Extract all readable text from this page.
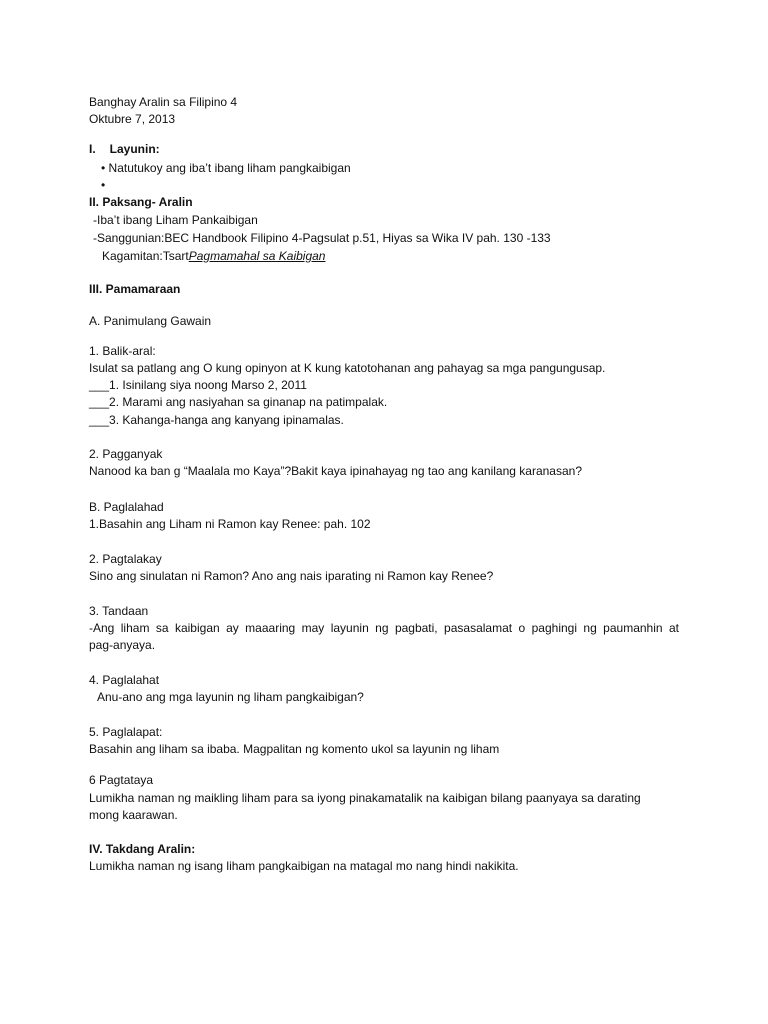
Banghay Aralin sa Filipino 4
Oktubre 7, 2013
I. Layunin:
• Natutukoy ang iba’t ibang liham pangkaibigan
•
II. Paksang- Aralin
-Iba’t ibang Liham Pankaibigan
-Sanggunian:BEC Handbook Filipino 4-Pagsulat p.51, Hiyas sa Wika IV pah. 130 -133
Kagamitan:TsartPagmamahal sa Kaibigan
III. Pamamaraan
A. Panimulang Gawain
1. Balik-aral:
Isulat sa patlang ang O kung opinyon at K kung katotohanan ang pahayag sa mga pangungusap.
___1. Isinilang siya noong Marso 2, 2011
___2. Marami ang nasiyahan sa ginanap na patimpalak.
___3. Kahanga-hanga ang kanyang ipinamalas.
2. Pagganyak
Nanood ka ban g “Maalala mo Kaya”?Bakit kaya ipinahayag ng tao ang kanilang karanasan?
B. Paglalahad
1.Basahin ang Liham ni Ramon kay Renee: pah. 102
2. Pagtalakay
Sino ang sinulatan ni Ramon? Ano ang nais iparating ni Ramon kay Renee?
3. Tandaan
-Ang liham sa kaibigan ay maaaring may layunin ng pagbati, pasasalamat o paghingi ng paumanhin at
pag-anyaya.
4. Paglalahat
Anu-ano ang mga layunin ng liham pangkaibigan?
5. Paglalapat:
Basahin ang liham sa ibaba. Magpalitan ng komento ukol sa layunin ng liham
6 Pagtataya
Lumikha naman ng maikling liham para sa iyong pinakamatalik na kaibigan bilang paanyaya sa darating
mong kaarawan.
IV. Takdang Aralin:
Lumikha naman ng isang liham pangkaibigan na matagal mo nang hindi nakikita.
